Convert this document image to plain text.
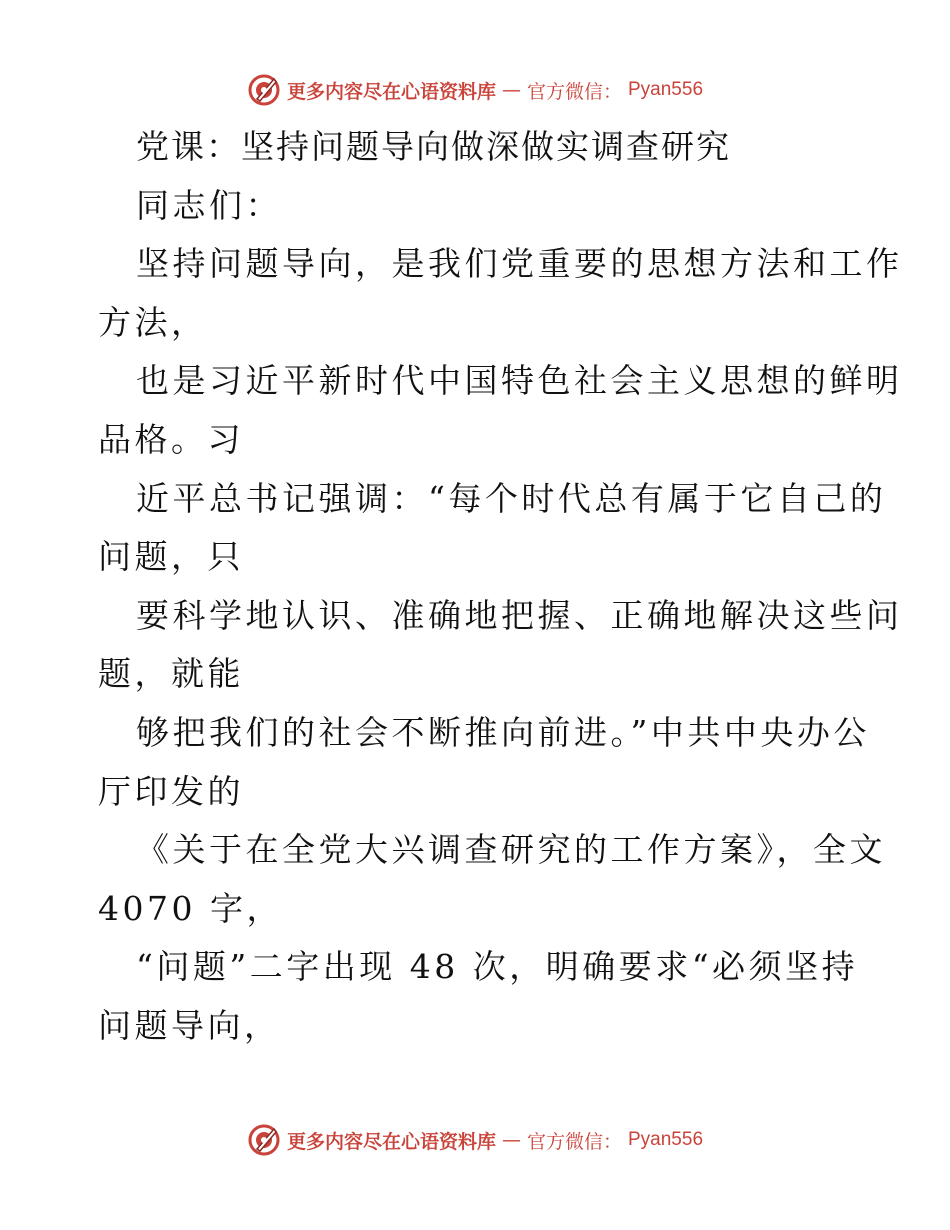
更多内容尽在心语资料库 — 官方微信： Pyan556
党课：坚持问题导向做深做实调查研究
同志们：
坚持问题导向，是我们党重要的思想方法和工作
方法，
也是习近平新时代中国特色社会主义思想的鲜明
品格。习
近平总书记强调：“每个时代总有属于它自己的
问题，只
要科学地认识、准确地把握、正确地解决这些问
题，就能
够把我们的社会不断推向前进。”中共中央办公
厅印发的
《关于在全党大兴调查研究的工作方案》，全文
4070 字，
“问题”二字出现 48 次，明确要求“必须坚持
问题导向，
更多内容尽在心语资料库 — 官方微信： Pyan556
